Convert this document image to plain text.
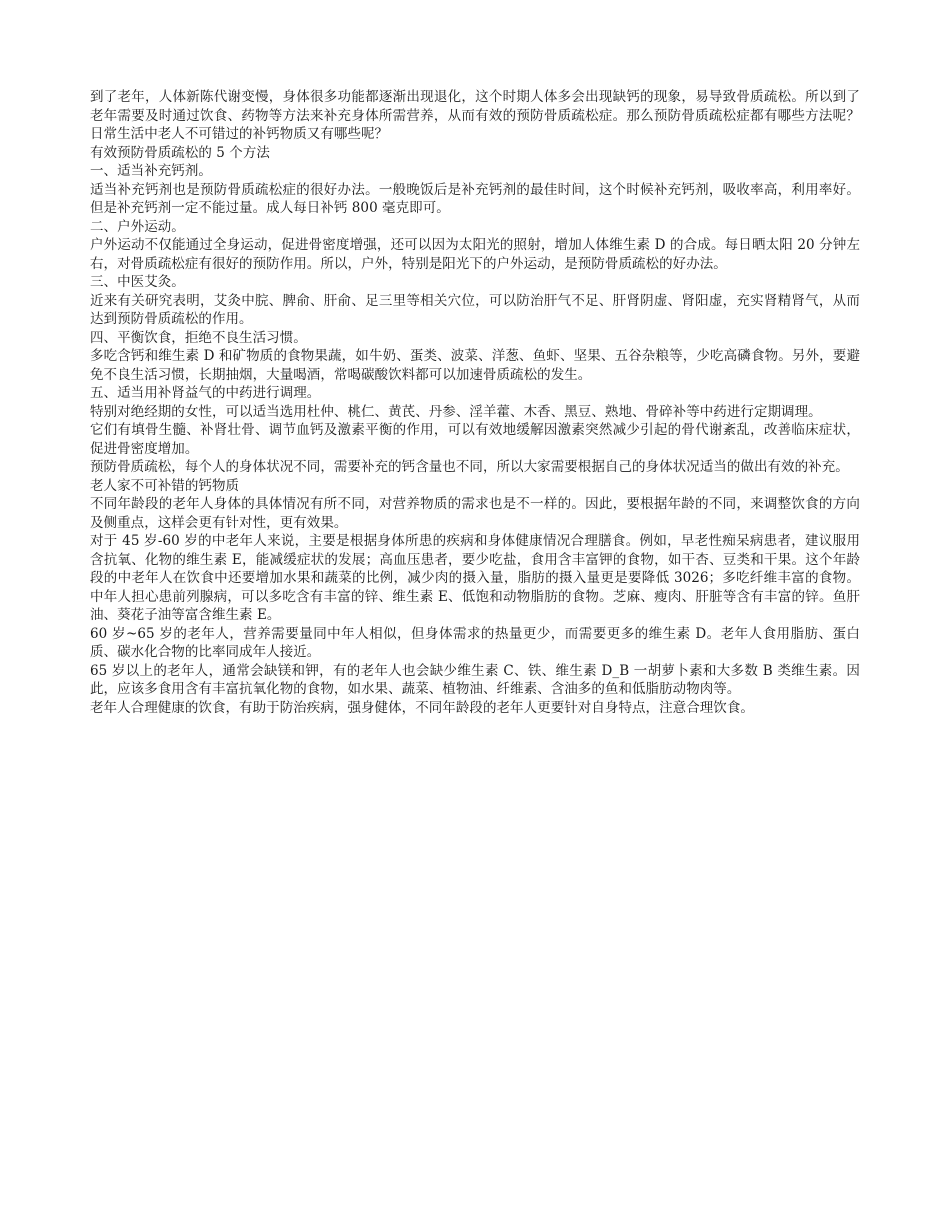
到了老年，人体新陈代谢变慢，身体很多功能都逐渐出现退化，这个时期人体多会出现缺钙的现象，易导致骨质疏松。所以到了老年需要及时通过饮食、药物等方法来补充身体所需营养，从而有效的预防骨质疏松症。那么预防骨质疏松症都有哪些方法呢？日常生活中老人不可错过的补钙物质又有哪些呢？

有效预防骨质疏松的 5 个方法

一、适当补充钙剂。

适当补充钙剂也是预防骨质疏松症的很好办法。一般晚饭后是补充钙剂的最佳时间，这个时候补充钙剂，吸收率高，利用率好。但是补充钙剂一定不能过量。成人每日补钙 800 毫克即可。

二、户外运动。

户外运动不仅能通过全身运动，促进骨密度增强，还可以因为太阳光的照射，增加人体维生素 D 的合成。每日晒太阳 20 分钟左右，对骨质疏松症有很好的预防作用。所以，户外，特别是阳光下的户外运动，是预防骨质疏松的好办法。

三、中医艾灸。

近来有关研究表明，艾灸中脘、脾俞、肝俞、足三里等相关穴位，可以防治肝气不足、肝肾阴虚、肾阳虚，充实肾精肾气，从而达到预防骨质疏松的作用。

四、平衡饮食，拒绝不良生活习惯。

多吃含钙和维生素 D 和矿物质的食物果蔬，如牛奶、蛋类、波菜、洋葱、鱼虾、坚果、五谷杂粮等，少吃高磷食物。另外，要避免不良生活习惯，长期抽烟，大量喝酒，常喝碳酸饮料都可以加速骨质疏松的发生。

五、适当用补肾益气的中药进行调理。

特别对绝经期的女性，可以适当选用杜仲、桃仁、黄芪、丹参、淫羊藿、木香、黑豆、熟地、骨碎补等中药进行定期调理。

它们有填骨生髓、补肾壮骨、调节血钙及激素平衡的作用，可以有效地缓解因激素突然减少引起的骨代谢紊乱，改善临床症状，促进骨密度增加。

预防骨质疏松，每个人的身体状况不同，需要补充的钙含量也不同，所以大家需要根据自己的身体状况适当的做出有效的补充。

老人家不可补错的钙物质

不同年龄段的老年人身体的具体情况有所不同，对营养物质的需求也是不一样的。因此，要根据年龄的不同，来调整饮食的方向及侧重点，这样会更有针对性，更有效果。

对于 45 岁-60 岁的中老年人来说，主要是根据身体所患的疾病和身体健康情况合理膳食。例如，早老性痴呆病患者，建议服用含抗氧、化物的维生素 E，能减缓症状的发展；高血压患者，要少吃盐，食用含丰富钾的食物，如干杏、豆类和干果。这个年龄段的中老年人在饮食中还要增加水果和蔬菜的比例，减少肉的摄入量，脂肪的摄入量更是要降低 3026；多吃纤维丰富的食物。中年人担心患前列腺病，可以多吃含有丰富的锌、维生素 E、低饱和动物脂肪的食物。芝麻、瘦肉、肝脏等含有丰富的锌。鱼肝油、葵花子油等富含维生素 E。

60 岁~65 岁的老年人，营养需要量同中年人相似，但身体需求的热量更少，而需要更多的维生素 D。老年人食用脂肪、蛋白质、碳水化合物的比率同成年人接近。

65 岁以上的老年人，通常会缺镁和钾，有的老年人也会缺少维生素 C、铁、维生素 D_B 一胡萝卜素和大多数 B 类维生素。因此，应该多食用含有丰富抗氧化物的食物，如水果、蔬菜、植物油、纤维素、含油多的鱼和低脂肪动物肉等。

老年人合理健康的饮食，有助于防治疾病，强身健体，不同年龄段的老年人更要针对自身特点，注意合理饮食。
